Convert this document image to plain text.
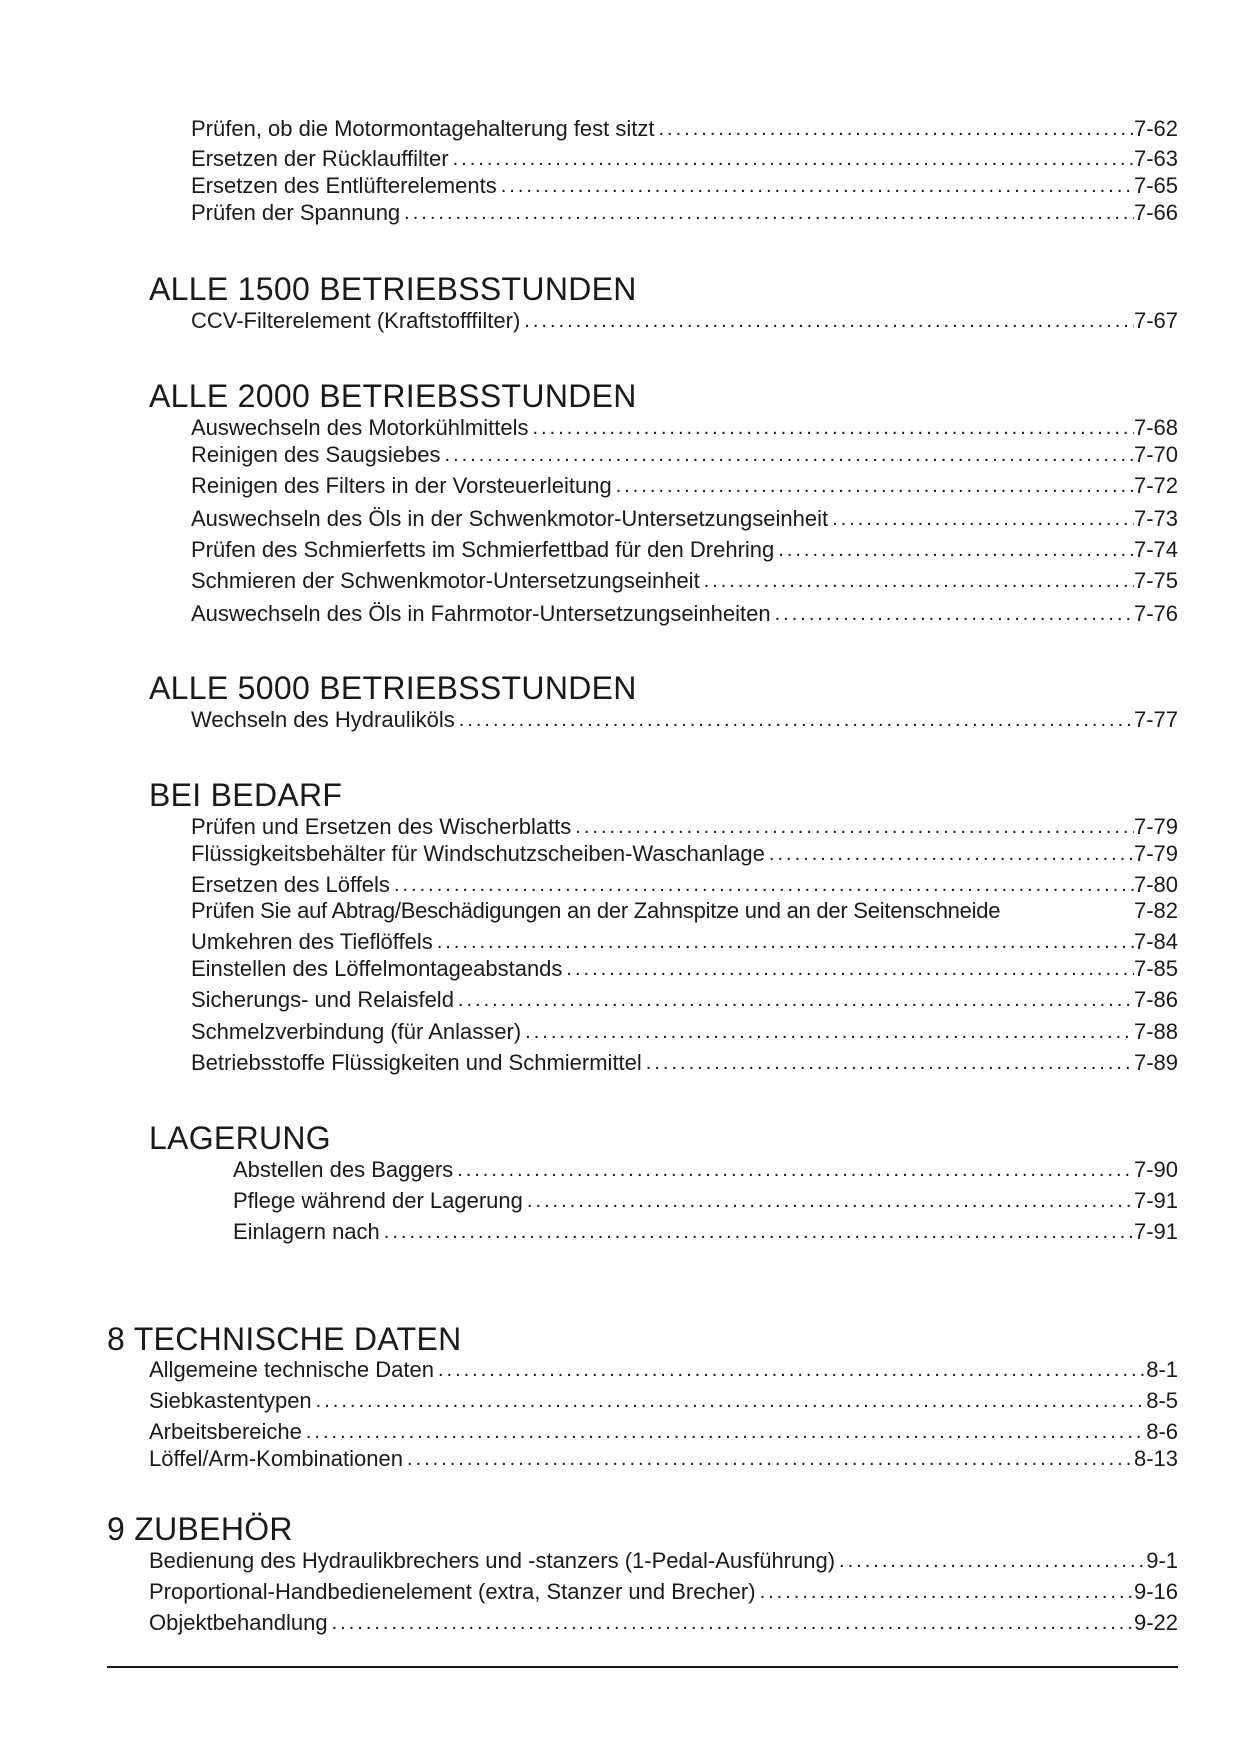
Prüfen, ob die Motormontagehalterung fest sitzt .....	7-62
Ersetzen der Rücklauffilter .....	7-63
Ersetzen des Entlüfterelements .....	7-65
Prüfen der Spannung .....	7-66
ALLE 1500 BETRIEBSSTUNDEN
CCV-Filterelement (Kraftstofffilter) .....	7-67
ALLE 2000 BETRIEBSSTUNDEN
Auswechseln des Motorkühlmittels .....	7-68
Reinigen des Saugsiebes .....	7-70
Reinigen des Filters in der Vorsteuerleitung .....	7-72
Auswechseln des Öls in der Schwenkmotor-Untersetzungseinheit .....	7-73
Prüfen des Schmierfetts im Schmierfettbad für den Drehring .....	7-74
Schmieren der Schwenkmotor-Untersetzungseinheit .....	7-75
Auswechseln des Öls in Fahrmotor-Untersetzungseinheiten .....	7-76
ALLE 5000 BETRIEBSSTUNDEN
Wechseln des Hydrauliköls .....	7-77
BEI BEDARF
Prüfen und Ersetzen des Wischerblatts .....	7-79
Flüssigkeitsbehälter für Windschutzscheiben-Waschanlage .....	7-79
Ersetzen des Löffels .....	7-80
Prüfen Sie auf Abtrag/Beschädigungen an der Zahnspitze und an der Seitenschneide	7-82
Umkehren des Tieflöffels .....	7-84
Einstellen des Löffelmontageabstands .....	7-85
Sicherungs- und Relaisfeld .....	7-86
Schmelzverbindung (für Anlasser) .....	7-88
Betriebsstoffe Flüssigkeiten und Schmiermittel .....	7-89
LAGERUNG
Abstellen des Baggers .....	7-90
Pflege während der Lagerung .....	7-91
Einlagern nach .....	7-91
8 TECHNISCHE DATEN
Allgemeine technische Daten .....	8-1
Siebkastentypen .....	8-5
Arbeitsbereiche .....	8-6
Löffel/Arm-Kombinationen .....	8-13
9 ZUBEHÖR
Bedienung des Hydraulikbrechers und -stanzers (1-Pedal-Ausführung) .....	9-1
Proportional-Handbedienelement (extra, Stanzer und Brecher) .....	9-16
Objektbehandlung .....	9-22
